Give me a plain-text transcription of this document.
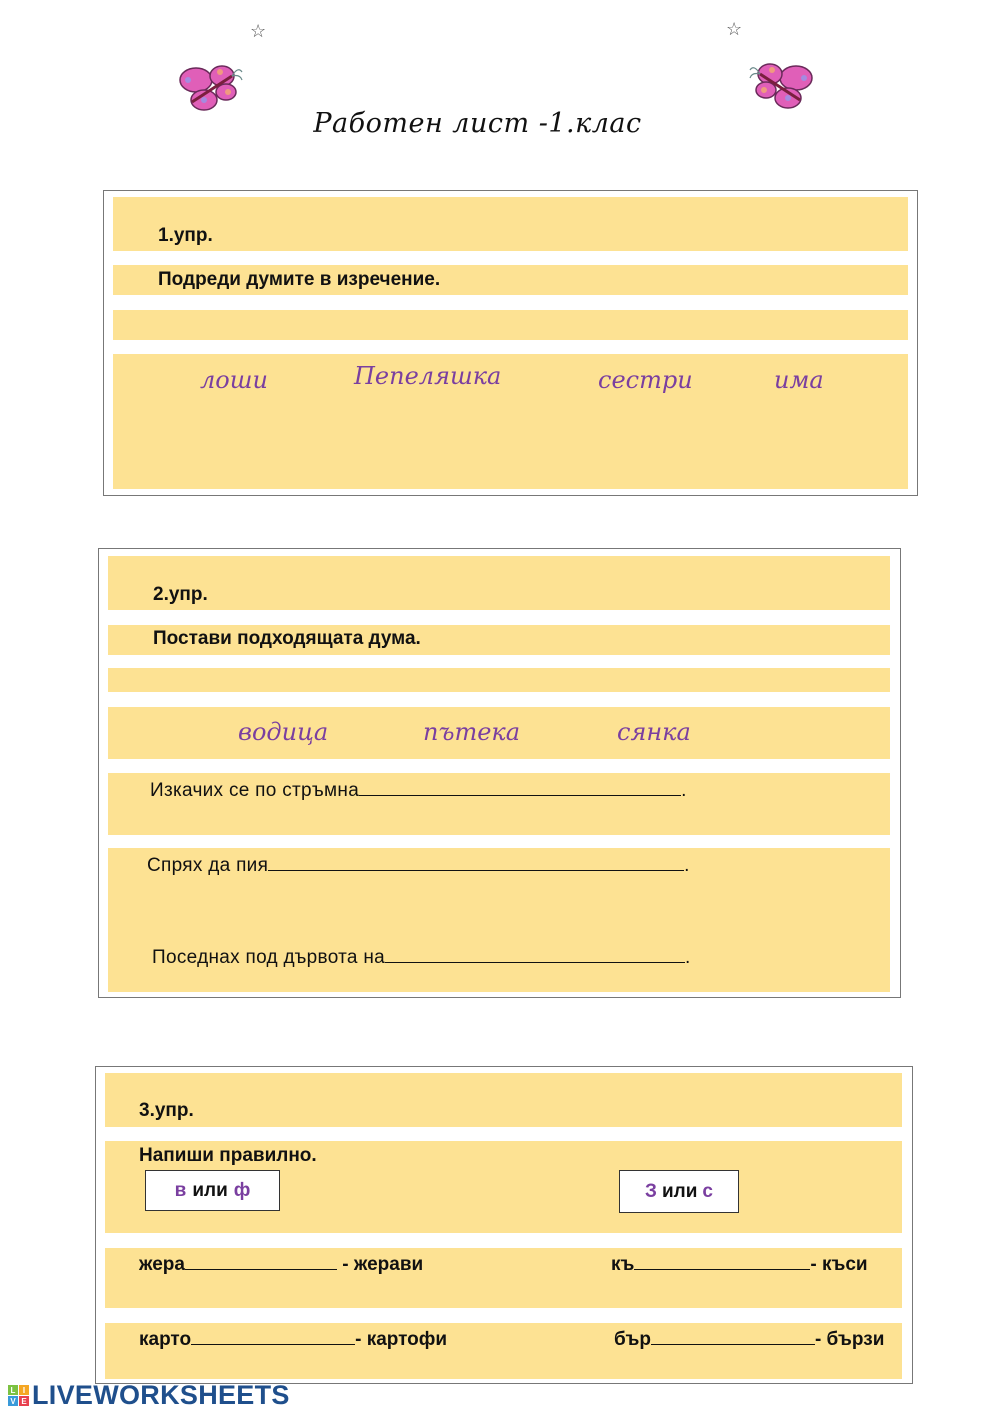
☆	☆
Работен лист -1.клас
1.упр.
Подреди думите в изречение.
лоши	Пепеляшка	сестри	има
2.упр.
Постави подходящата дума.
водица	пътека	сянка
Изкачих се по стръмна	.
Спрях да пия	.
Поседнах под дървота на	.
3.упр.
Напиши правилно.
в или ф	З или с
жера	- жерави	къ	- къси
карто	- картофи	бър	- бързи
L I
V E LIVEWORKSHEETS
